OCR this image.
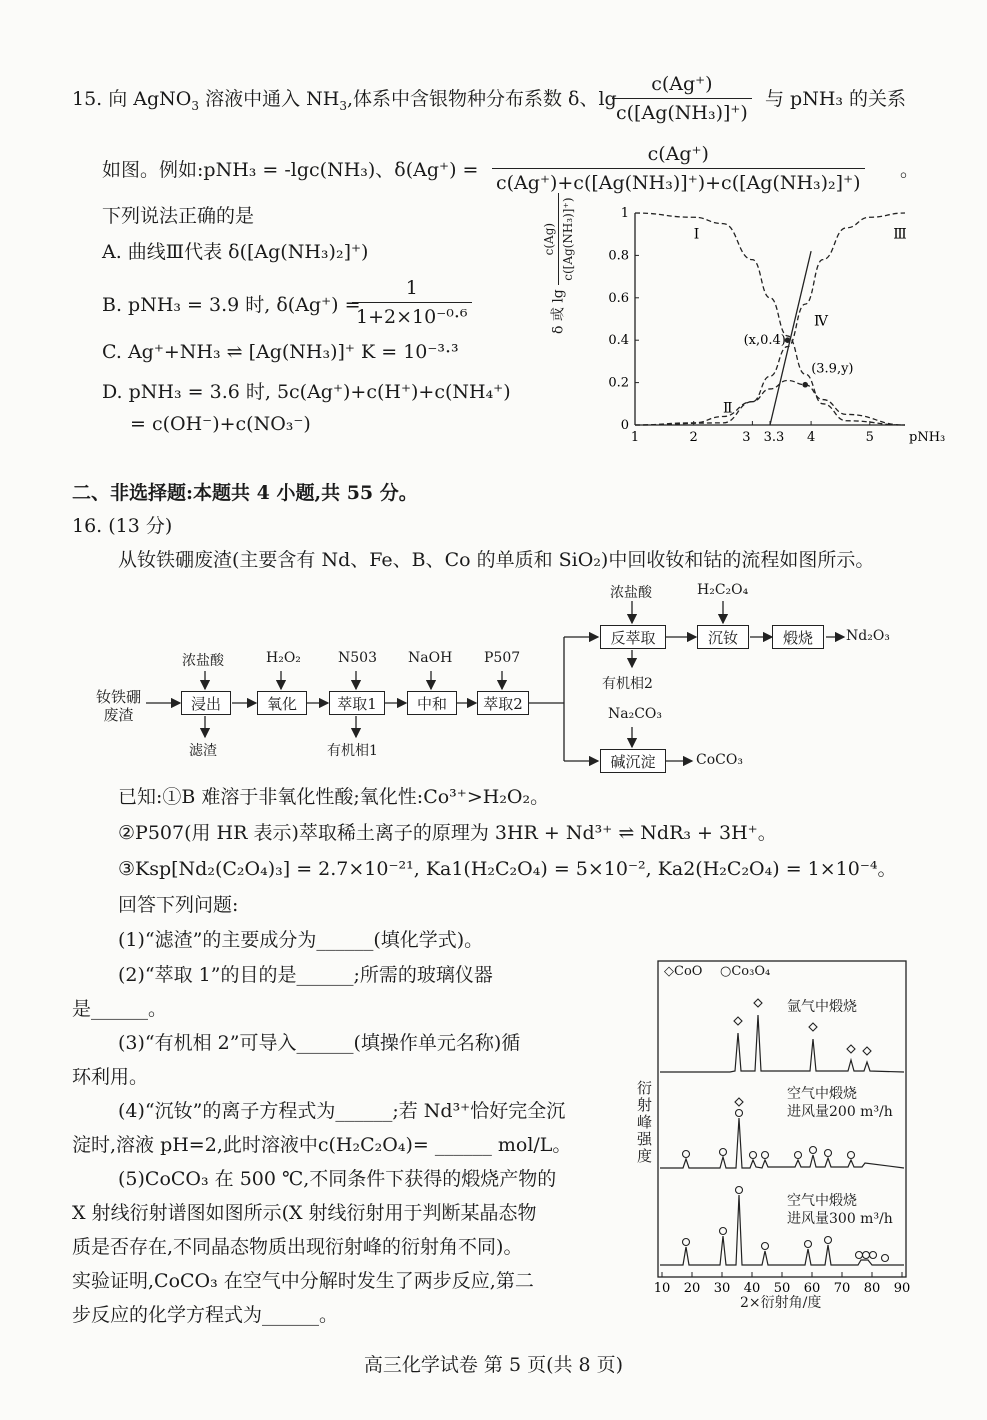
15. 向 AgNO$_3$ 溶液中通入 $NH_3$,体系中含银物种分布系数 δ、lg
$\frac{c(Ag^+)}{\text{c([Ag(NH₃)]⁺)}}$ 与 pNH₃ 的关系
如图。例如:pNH₃ = -lgc(NH₃)、$\delta(Ag^+) = \frac{c(Ag^+)}{\text{c(Ag⁺)+c([Ag(NH₃)]⁺)+c([Ag(NH₃)₂]⁺)}}$ 。
下列说法正确的是
A. 曲线Ⅲ代表 δ([Ag(NH₃)₂]⁺)
B. pNH₃ = 3.9 时, δ(Ag⁺) =
$\frac{1}{\text{1+2×10⁻⁰·⁶}}$
C. Ag⁺+NH₃ ⇌ [Ag(NH₃)]⁺ K = 10⁻³·³
D. pNH₃ = 3.6 时, 5c(Ag⁺)+c(H⁺)+c(NH₄⁺)
= c(OH⁻)+c(NO₃⁻)
1	2	3 3.3 4	5
0
0.2
0.4
0.6
0.8
1
pNH₃
Ⅰ
Ⅱ
Ⅲ
Ⅳ
(x,0.4)
(3.9,y)
δ 或 lg
c(Ag) c([Ag(NH₃)]⁺)
二、非选择题:本题共 4 小题,共 55 分。
16. (13 分)
从钕铁硼废渣(主要含有 Nd、Fe、B、Co 的单质和 SiO₂)中回收钕和钴的流程如图所示。
钕铁硼
废渣
浸出	氧化	萃取1	中和	萃取2
反萃取	沉钕	煅烧
碱沉淀
浓盐酸	H₂O₂	N503 NaOH P507
浓盐酸	H₂C₂O₄
Na₂CO₃
滤渣	有机相1
有机相2
Nd₂O₃
CoCO₃
已知:①B 难溶于非氧化性酸;氧化性:Co³⁺>H₂O₂。
②P507(用 HR 表示)萃取稀土离子的原理为 3HR + Nd³⁺ ⇌ NdR₃ + 3H⁺。
③Ksp[Nd₂(C₂O₄)₃] = 2.7×10⁻²¹, Ka1(H₂C₂O₄) = 5×10⁻², Ka2(H₂C₂O₄) = 1×10⁻⁴。
回答下列问题:
(1)“滤渣”的主要成分为______(填化学式)。
(2)“萃取 1”的目的是______;所需的玻璃仪器
是______。
(3)“有机相 2”可导入______(填操作单元名称)循
环利用。
(4)“沉钕”的离子方程式为______;若 Nd³⁺恰好完全沉
淀时,溶液 pH=2,此时溶液中c(H₂C₂O₄)= ______ mol/L。
(5)CoCO₃ 在 500 ℃,不同条件下获得的煅烧产物的
X 射线衍射谱图如图所示(X 射线衍射用于判断某晶态物
质是否存在,不同晶态物质出现衍射峰的衍射角不同)。
实验证明,CoCO₃ 在空气中分解时发生了两步反应,第二
步反应的化学方程式为______。
10 20 30 40 50 60 70 80 90
◇CoO ○Co₃O₄
氩气中煅烧
空气中煅烧
进风量200 m³/h
空气中煅烧
进风量300 m³/h
衍射峰强度
2×衍射角/度
高三化学试卷 第 5 页(共 8 页)
